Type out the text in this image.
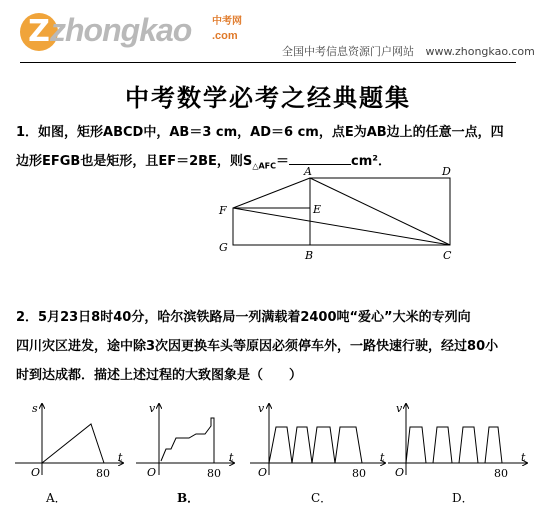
Z zhongkao 中考网
.com
全国中考信息资源门户网站 www.zhongkao.com
中考数学必考之经典题集
1．如图，矩形ABCD中，AB＝3 cm，AD＝6 cm，点E为AB边上的任意一点，四
边形EFGB也是矩形，且EF＝2BE，则$S_{\triangle AFC}=$	cm²．
A	D
E
F
G
B	C
2．5月23日8时40分，哈尔滨铁路局一列满载着2400吨“爱心”大米的专列向
四川灾区进发，途中除3次因更换车头等原因必须停车外，一路快速行驶，经过80小
时到达成都．描述上述过程的大致图象是（　　）
s
t
O	80
A．
v
t
O	80
B．
v
t
O	80
C．
v
t
O	80
D．
